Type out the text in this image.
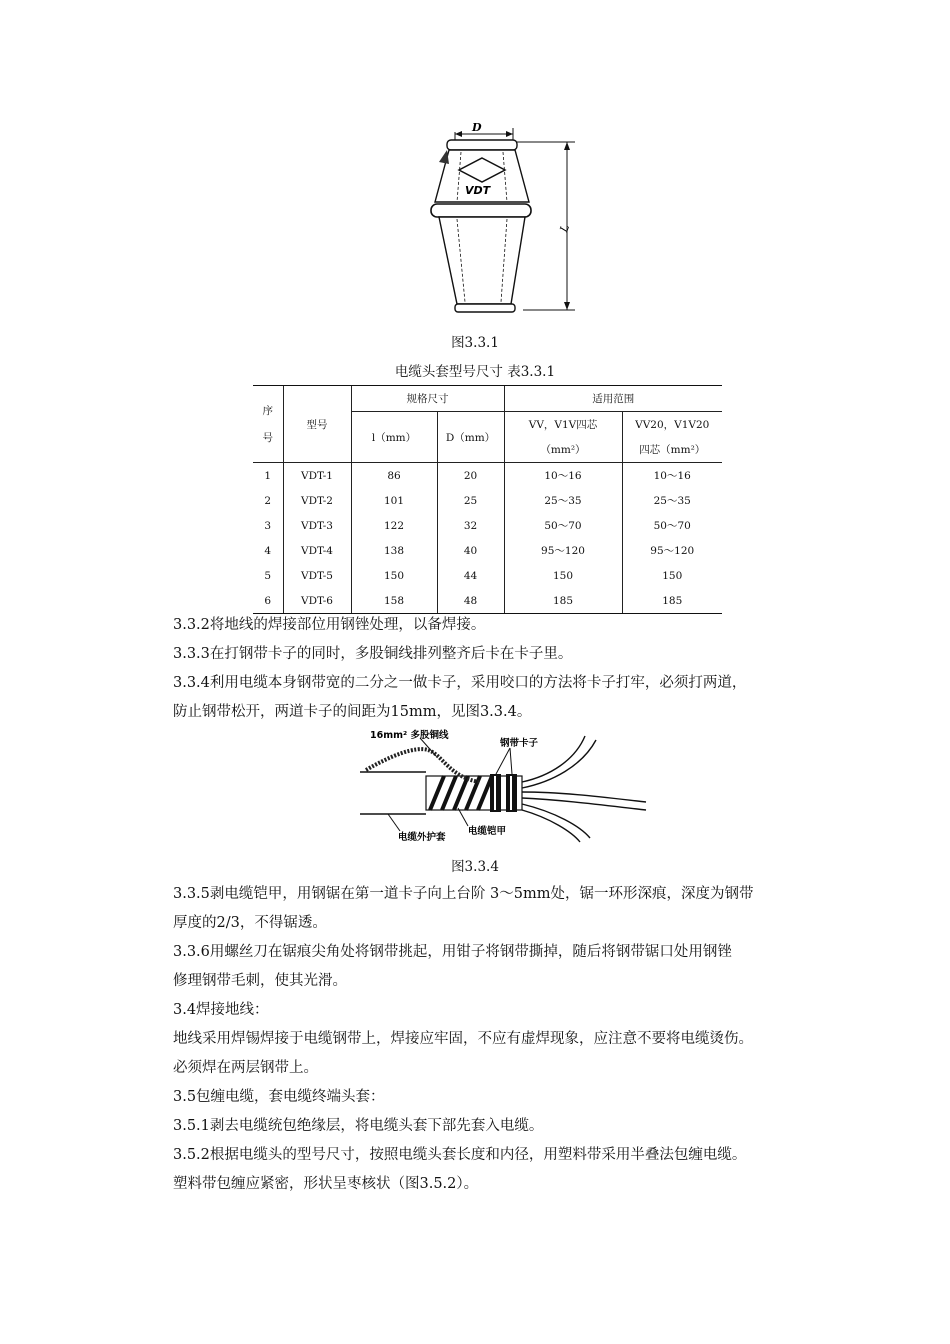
D
L
VDT
图3.3.1
电缆头套型号尺寸 表3.3.1
序
号	型号	规格尺寸		适用范围	
		l（mm）	D（mm）	VV，V1V四芯	VV20，V1V20
				（mm²）	四芯（mm²）
1	VDT-1	86	20	10～16	10～16
2	VDT-2	101	25	25～35	25～35
3	VDT-3	122	32	50～70	50～70
4	VDT-4	138	40	95～120	95～120
5	VDT-5	150	44	150	150
6	VDT-6	158	48	185	185
3.3.2将地线的焊接部位用钢锉处理，以备焊接。
3.3.3在打钢带卡子的同时，多股铜线排列整齐后卡在卡子里。
3.3.4利用电缆本身钢带宽的二分之一做卡子，采用咬口的方法将卡子打牢，必须打两道，
防止钢带松开，两道卡子的间距为15mm，见图3.3.4。
16mm² 多股铜线
钢带卡子
电缆铠甲
电缆外护套
图3.3.4
3.3.5剥电缆铠甲，用钢锯在第一道卡子向上台阶 3～5mm处，锯一环形深痕，深度为钢带
厚度的2/3，不得锯透。
3.3.6用螺丝刀在锯痕尖角处将钢带挑起，用钳子将钢带撕掉，随后将钢带锯口处用钢锉
修理钢带毛刺，使其光滑。
3.4焊接地线：
地线采用焊锡焊接于电缆钢带上，焊接应牢固，不应有虚焊现象，应注意不要将电缆烫伤。
必须焊在两层钢带上。
3.5包缠电缆，套电缆终端头套：
3.5.1剥去电缆统包绝缘层，将电缆头套下部先套入电缆。
3.5.2根据电缆头的型号尺寸，按照电缆头套长度和内径，用塑料带采用半叠法包缠电缆。
塑料带包缠应紧密，形状呈枣核状（图3.5.2）。
